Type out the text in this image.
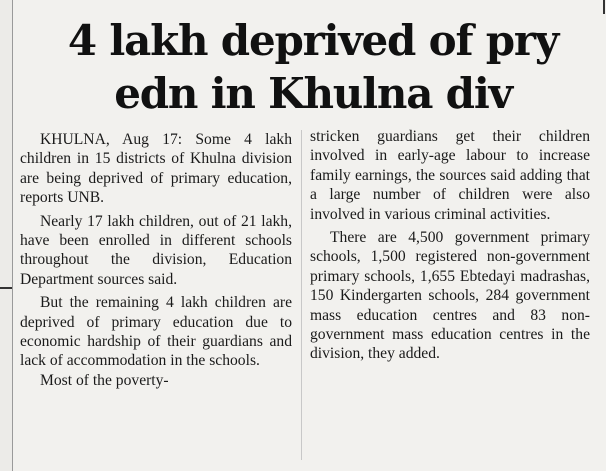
4 lakh deprived of pry
edn in Khulna div

KHULNA, Aug 17: Some 4 lakh children in 15 districts of Khulna division are being deprived of primary education, reports UNB.

Nearly 17 lakh children, out of 21 lakh, have been enrolled in different schools throughout the division, Education Department sources said.

But the remaining 4 lakh children are deprived of primary education due to economic hardship of their guardians and lack of accommodation in the schools.

Most of the poverty-

stricken guardians get their children involved in early-age labour to increase family earnings, the sources said adding that a large number of children were also involved in various criminal activities.

There are 4,500 government primary schools, 1,500 registered non-government primary schools, 1,655 Ebtedayi madrashas, 150 Kindergarten schools, 284 government mass education centres and 83 non-government mass education centres in the division, they added.
